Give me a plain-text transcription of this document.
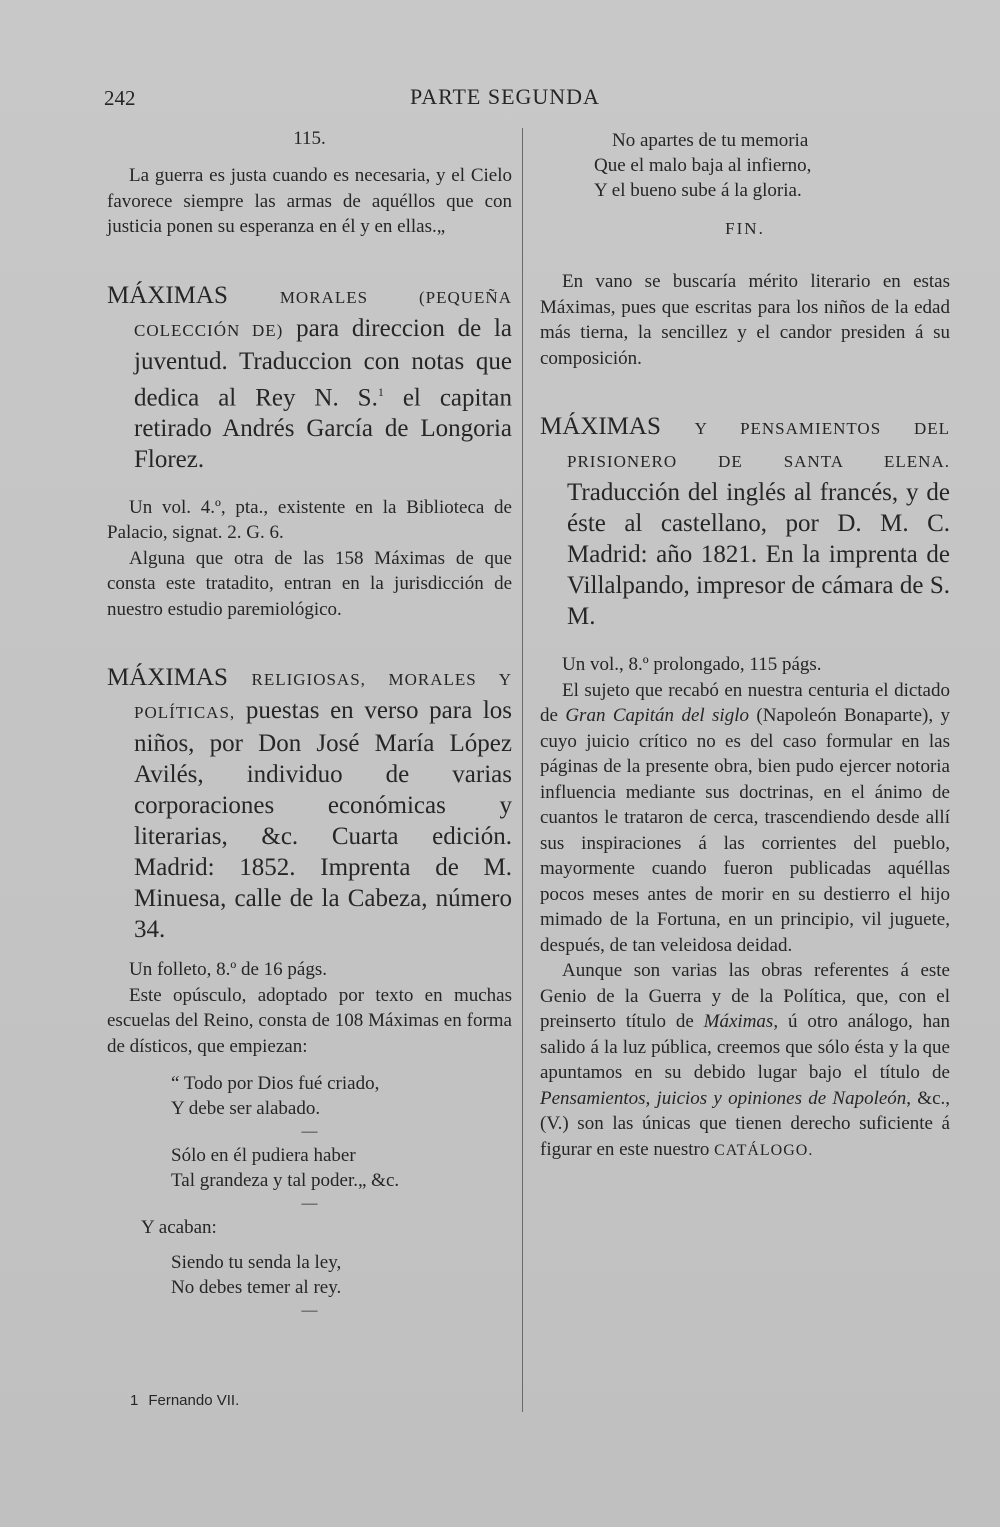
242	PARTE SEGUNDA

115.

La guerra es justa cuando es necesaria, y el Cielo favorece siempre las armas de aquéllos que con justicia ponen su esperanza en él y en ellas.„

MÁXIMAS	MORALES (PEQUEÑA COLECCIÓN DE) para direccion de la juventud. Traduccion con notas que dedica al Rey N. S.$^1$ el capitan retirado Andrés García de Longoria Florez.

Un vol. 4.º, pta., existente en la Biblioteca de Palacio, signat. 2. G. 6.

Alguna que otra de las 158 Máximas de que consta este tratadito, entran en la jurisdicción de nuestro estudio paremiológico.

MÁXIMAS RELIGIOSAS, MORALES Y POLÍTICAS, puestas en verso para los niños, por Don José María López Avilés, individuo de varias corporaciones económicas y literarias, &c. Cuarta edición. Madrid: 1852. Imprenta de M. Minuesa, calle de la Cabeza, número 34.

Un folleto, 8.º de 16 págs.

Este opúsculo, adoptado por texto en muchas escuelas del Reino, consta de 108 Máximas en forma de dísticos, que empiezan:

“ Todo por Dios fué criado,

Y debe ser alabado.

—

Sólo en él pudiera haber

Tal grandeza y tal poder.„ &c.

—

Y acaban:

Siendo tu senda la ley,

No debes temer al rey.

—

1 Fernando VII.

No apartes de tu memoria

Que el malo baja al infierno,

Y el bueno sube á la gloria.

FIN.

En vano se buscaría mérito literario en estas Máximas, pues que escritas para los niños de la edad más tierna, la sencillez y el candor presiden á su composición.

MÁXIMAS Y PENSAMIENTOS DEL PRISIONERO DE SANTA ELENA. Traducción del inglés al francés, y de éste al castellano, por D. M. C. Madrid: año 1821. En la imprenta de Villalpando, impresor de cámara de S. M.

Un vol., 8.º prolongado, 115 págs.

El sujeto que recabó en nuestra centuria el dictado de Gran Capitán del siglo (Napoleón Bonaparte), y cuyo juicio crítico no es del caso formular en las páginas de la presente obra, bien pudo ejercer notoria influencia mediante sus doctrinas, en el ánimo de cuantos le trataron de cerca, trascendiendo desde allí sus inspiraciones á las corrientes del pueblo, mayormente cuando fueron publicadas aquéllas pocos meses antes de morir en su destierro el hijo mimado de la Fortuna, en un principio, vil juguete, después, de tan veleidosa deidad.

Aunque son varias las obras referentes á este Genio de la Guerra y de la Política, que, con el preinserto título de Máximas, ú otro análogo, han salido á la luz pública, creemos que sólo ésta y la que apuntamos en su debido lugar bajo el título de Pensamientos, juicios y opiniones de Napoleón, &c., (V.) son las únicas que tienen derecho suficiente á figurar en este nuestro CATÁLOGO.
